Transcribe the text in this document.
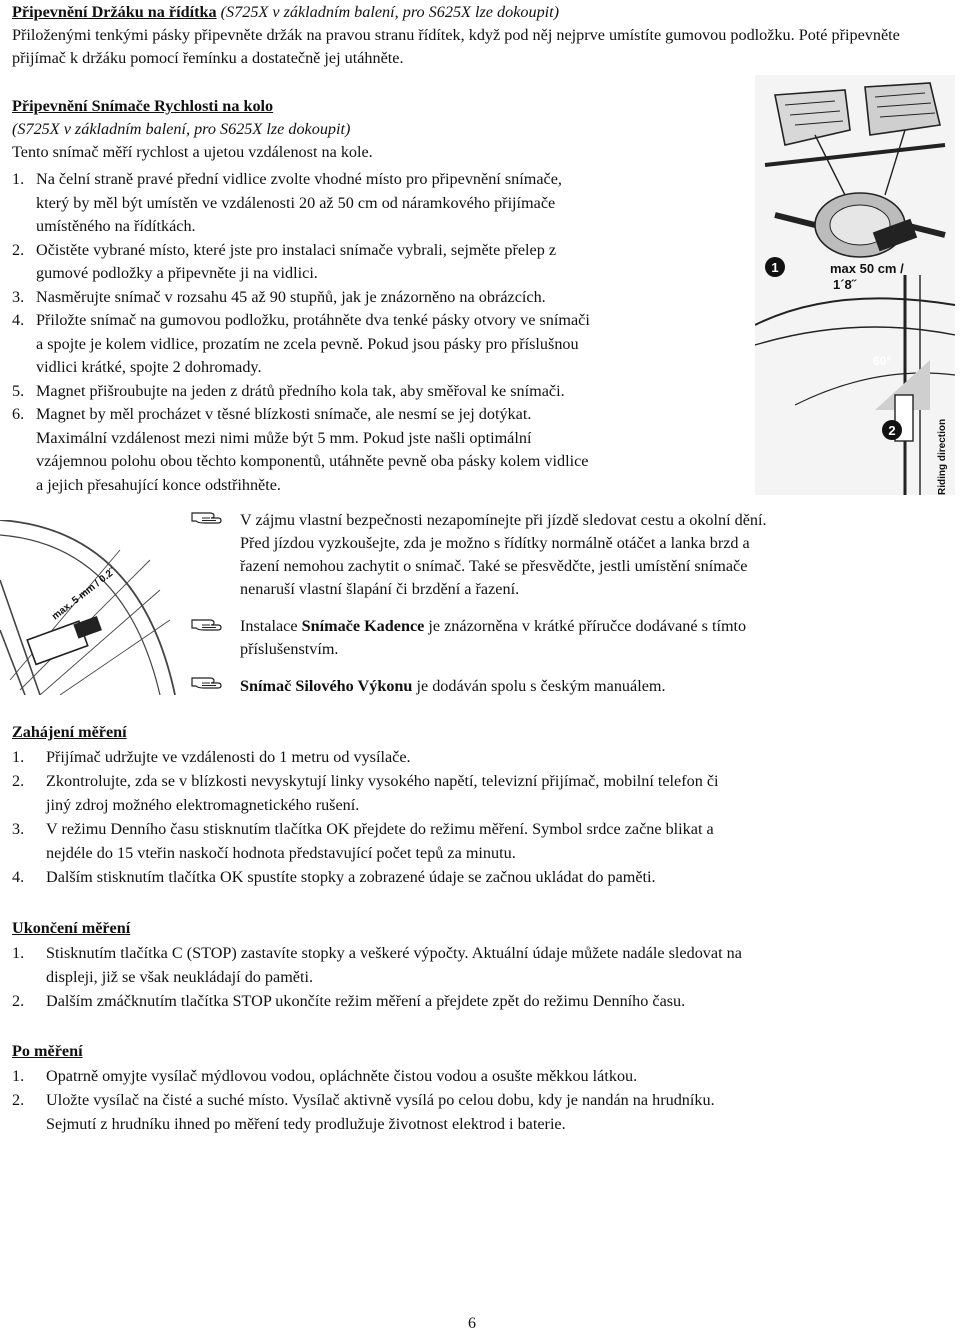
Připevnění Držáku na řídítka (S725X v základním balení, pro S625X lze dokoupit)
Přiloženými tenkými pásky připevněte držák na pravou stranu řídítek, když pod něj nejprve umístíte gumovou podložku. Poté připevněte přijímač k držáku pomocí řemínku a dostatečně jej utáhněte.
Připevnění Snímače Rychlosti na kolo
(S725X v základním balení, pro S625X lze dokoupit)
Tento snímač měří rychlost a ujetou vzdálenost na kole.
1. Na čelní straně pravé přední vidlice zvolte vhodné místo pro připevnění snímače,
který by měl být umístěn ve vzdálenosti 20 až 50 cm od náramkového přijímače
umístěného na řídítkách.
2. Očistěte vybrané místo, které jste pro instalaci snímače vybrali, sejměte přelep z
gumové podložky a připevněte ji na vidlici.
3. Nasměrujte snímač v rozsahu 45 až 90 stupňů, jak je znázorněno na obrázcích.
4. Přiložte snímač na gumovou podložku, protáhněte dva tenké pásky otvory ve snímači
a spojte je kolem vidlice, prozatím ne zcela pevně. Pokud jsou pásky pro příslušnou
vidlici krátké, spojte 2 dohromady.
5. Magnet přišroubujte na jeden z drátů předního kola tak, aby směřoval ke snímači.
6. Magnet by měl procházet v těsné blízkosti snímače, ale nesmí se jej dotýkat.
Maximální vzdálenost mezi nimi může být 5 mm. Pokud jste našli optimální
vzájemnou polohu obou těchto komponentů, utáhněte pevně oba pásky kolem vidlice
a jejich přesahující konce odstřihněte.
1	max 50 cm /
1´8˝
60°
2	Riding direction
max. 5 mm / 0.2˝
V zájmu vlastní bezpečnosti nezapomínejte při jízdě sledovat cestu a okolní dění.
Před jízdou vyzkoušejte, zda je možno s řídítky normálně otáčet a lanka brzd a
řazení nemohou zachytit o snímač. Také se přesvědčte, jestli umístění snímače
nenaruší vlastní šlapání či brzdění a řazení.
Instalace Snímače Kadence je znázorněna v krátké příručce dodávané s tímto
příslušenstvím.
Snímač Silového Výkonu je dodáván spolu s českým manuálem.
Zahájení měření
1. Přijímač udržujte ve vzdálenosti do 1 metru od vysílače.
2. Zkontrolujte, zda se v blízkosti nevyskytují linky vysokého napětí, televizní přijímač, mobilní telefon či
jiný zdroj možného elektromagnetického rušení.
3. V režimu Denního času stisknutím tlačítka OK přejdete do režimu měření. Symbol srdce začne blikat a
nejdéle do 15 vteřin naskočí hodnota představující počet tepů za minutu.
4. Dalším stisknutím tlačítka OK spustíte stopky a zobrazené údaje se začnou ukládat do paměti.
Ukončení měření
1. Stisknutím tlačítka C (STOP) zastavíte stopky a veškeré výpočty. Aktuální údaje můžete nadále sledovat na
displeji, již se však neukládají do paměti.
2. Dalším zmáčknutím tlačítka STOP ukončíte režim měření a přejdete zpět do režimu Denního času.
Po měření
1. Opatrně omyjte vysílač mýdlovou vodou, opláchněte čistou vodou a osušte měkkou látkou.
2. Uložte vysílač na čisté a suché místo. Vysílač aktivně vysílá po celou dobu, kdy je nandán na hrudníku.
Sejmutí z hrudníku ihned po měření tedy prodlužuje životnost elektrod i baterie.
6
